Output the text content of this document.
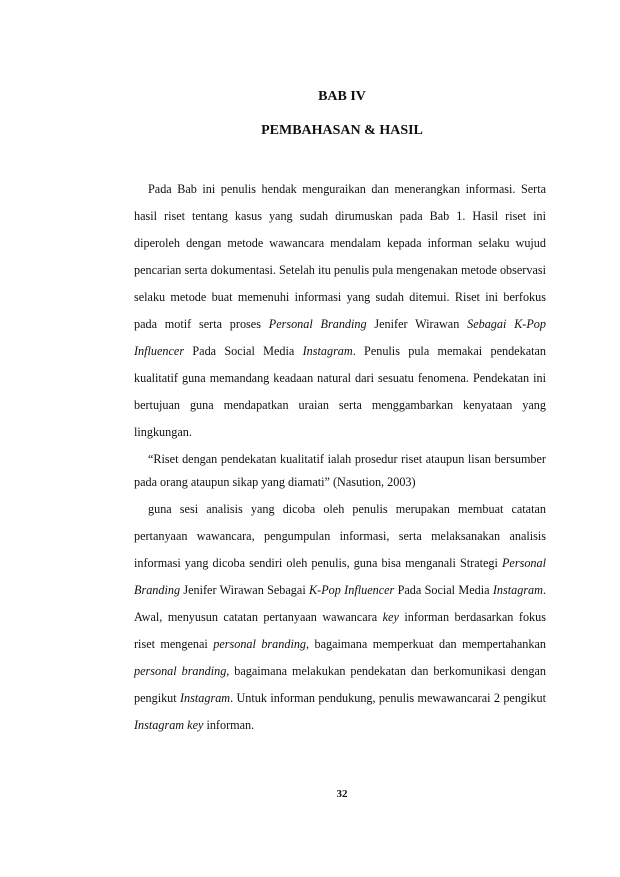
BAB IV
PEMBAHASAN & HASIL

Pada Bab ini penulis hendak menguraikan dan menerangkan informasi. Serta hasil riset tentang kasus yang sudah dirumuskan pada Bab 1. Hasil riset ini diperoleh dengan metode wawancara mendalam kepada informan selaku wujud pencarian serta dokumentasi. Setelah itu penulis pula mengenakan metode observasi selaku metode buat memenuhi informasi yang sudah ditemui. Riset ini berfokus pada motif serta proses Personal Branding Jenifer Wirawan Sebagai K-Pop Influencer Pada Social Media Instagram. Penulis pula memakai pendekatan kualitatif guna memandang keadaan natural dari sesuatu fenomena. Pendekatan ini bertujuan guna mendapatkan uraian serta menggambarkan kenyataan yang lingkungan.

“Riset dengan pendekatan kualitatif ialah prosedur riset ataupun lisan bersumber pada orang ataupun sikap yang diamati” (Nasution, 2003)

guna sesi analisis yang dicoba oleh penulis merupakan membuat catatan pertanyaan wawancara, pengumpulan informasi, serta melaksanakan analisis informasi yang dicoba sendiri oleh penulis, guna bisa menganali Strategi Personal Branding Jenifer Wirawan Sebagai K-Pop Influencer Pada Social Media Instagram. Awal, menyusun catatan pertanyaan wawancara key informan berdasarkan fokus riset mengenai personal branding, bagaimana memperkuat dan mempertahankan personal branding, bagaimana melakukan pendekatan dan berkomunikasi dengan pengikut Instagram. Untuk informan pendukung, penulis mewawancarai 2 pengikut Instagram key informan.

32
